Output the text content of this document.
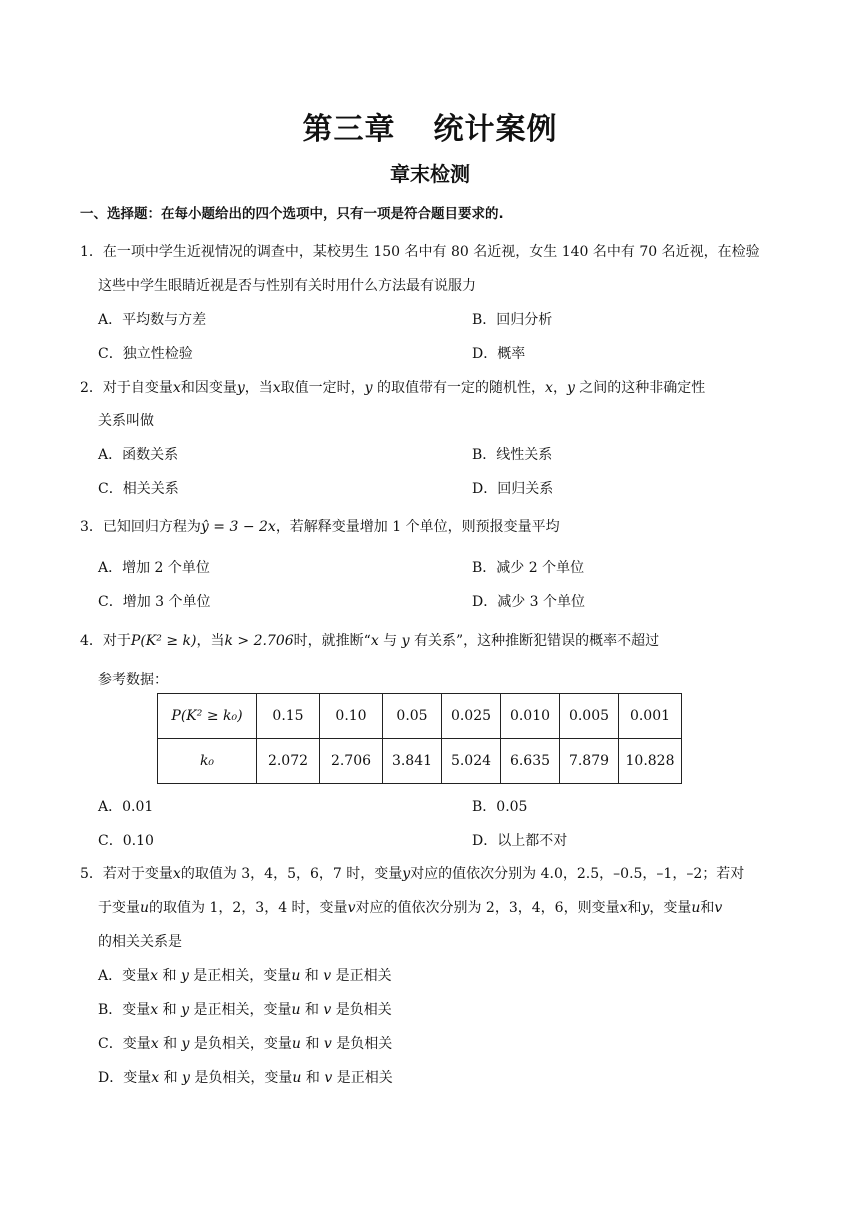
第三章 统计案例
章末检测
一、选择题：在每小题给出的四个选项中，只有一项是符合题目要求的.
1．在一项中学生近视情况的调查中，某校男生 150 名中有 80 名近视，女生 140 名中有 70 名近视，在检验
这些中学生眼睛近视是否与性别有关时用什么方法最有说服力
A．平均数与方差	B．回归分析
C．独立性检验	D．概率
2．对于自变量x和因变量y，当x取值一定时，y 的取值带有一定的随机性，x，y 之间的这种非确定性
关系叫做
A．函数关系	B．线性关系
C．相关关系	D．回归关系
3．已知回归方程为ŷ = 3 − 2x，若解释变量增加 1 个单位，则预报变量平均
A．增加 2 个单位	B．减少 2 个单位
C．增加 3 个单位	D．减少 3 个单位
4．对于P(K² ≥ k)，当k > 2.706时，就推断“x 与 y 有关系”，这种推断犯错误的概率不超过
参考数据：
P(K² ≥ k₀)	0.15	0.10	0.05	0.025	0.010	0.005	0.001
k₀	2.072	2.706	3.841	5.024	6.635	7.879	10.828
A．0.01	B．0.05
C．0.10	D．以上都不对
5．若对于变量x的取值为 3，4，5，6，7 时，变量y对应的值依次分别为 4.0，2.5，–0.5，–1，–2；若对
于变量u的取值为 1，2，3，4 时，变量v对应的值依次分别为 2，3，4，6，则变量x和y，变量u和v
的相关关系是
A．变量x 和 y 是正相关，变量u 和 v 是正相关
B．变量x 和 y 是正相关，变量u 和 v 是负相关
C．变量x 和 y 是负相关，变量u 和 v 是负相关
D．变量x 和 y 是负相关，变量u 和 v 是正相关
